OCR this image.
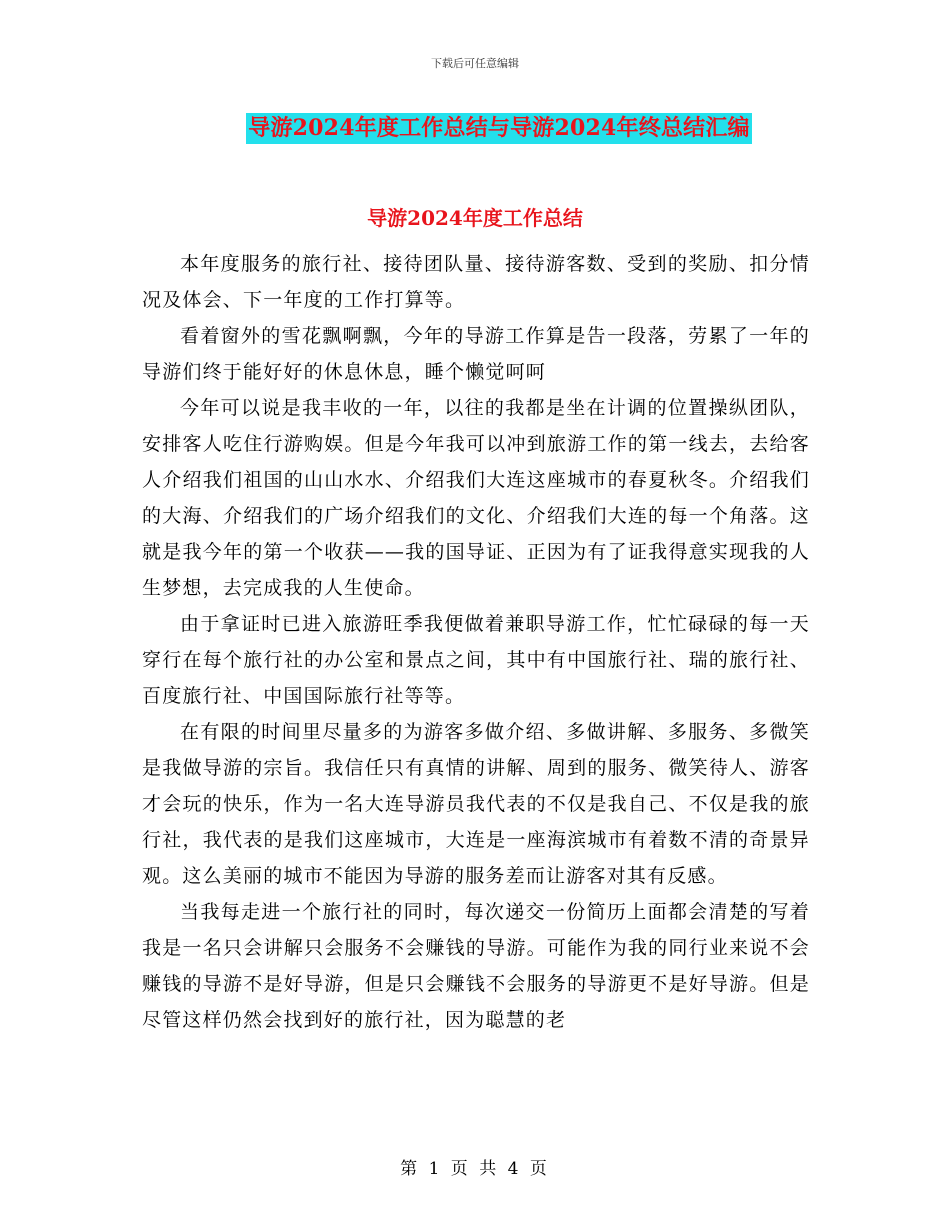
下载后可任意编辑
导游2024年度工作总结与导游2024年终总结汇编
导游2024年度工作总结

本年度服务的旅行社、接待团队量、接待游客数、受到的奖励、扣分情况及体会、下一年度的工作打算等。

看着窗外的雪花飘啊飘，今年的导游工作算是告一段落，劳累了一年的导游们终于能好好的休息休息，睡个懒觉呵呵

今年可以说是我丰收的一年，以往的我都是坐在计调的位置操纵团队，安排客人吃住行游购娱。但是今年我可以冲到旅游工作的第一线去，去给客人介绍我们祖国的山山水水、介绍我们大连这座城市的春夏秋冬。介绍我们的大海、介绍我们的广场介绍我们的文化、介绍我们大连的每一个角落。这就是我今年的第一个收获——我的国导证、正因为有了证我得意实现我的人生梦想，去完成我的人生使命。

由于拿证时已进入旅游旺季我便做着兼职导游工作，忙忙碌碌的每一天穿行在每个旅行社的办公室和景点之间，其中有中国旅行社、瑞的旅行社、百度旅行社、中国国际旅行社等等。

在有限的时间里尽量多的为游客多做介绍、多做讲解、多服务、多微笑是我做导游的宗旨。我信任只有真情的讲解、周到的服务、微笑待人、游客才会玩的快乐，作为一名大连导游员我代表的不仅是我自己、不仅是我的旅行社，我代表的是我们这座城市，大连是一座海滨城市有着数不清的奇景异观。这么美丽的城市不能因为导游的服务差而让游客对其有反感。

当我每走进一个旅行社的同时，每次递交一份简历上面都会清楚的写着我是一名只会讲解只会服务不会赚钱的导游。可能作为我的同行业来说不会赚钱的导游不是好导游，但是只会赚钱不会服务的导游更不是好导游。但是尽管这样仍然会找到好的旅行社，因为聪慧的老

第 1 页 共 4 页
